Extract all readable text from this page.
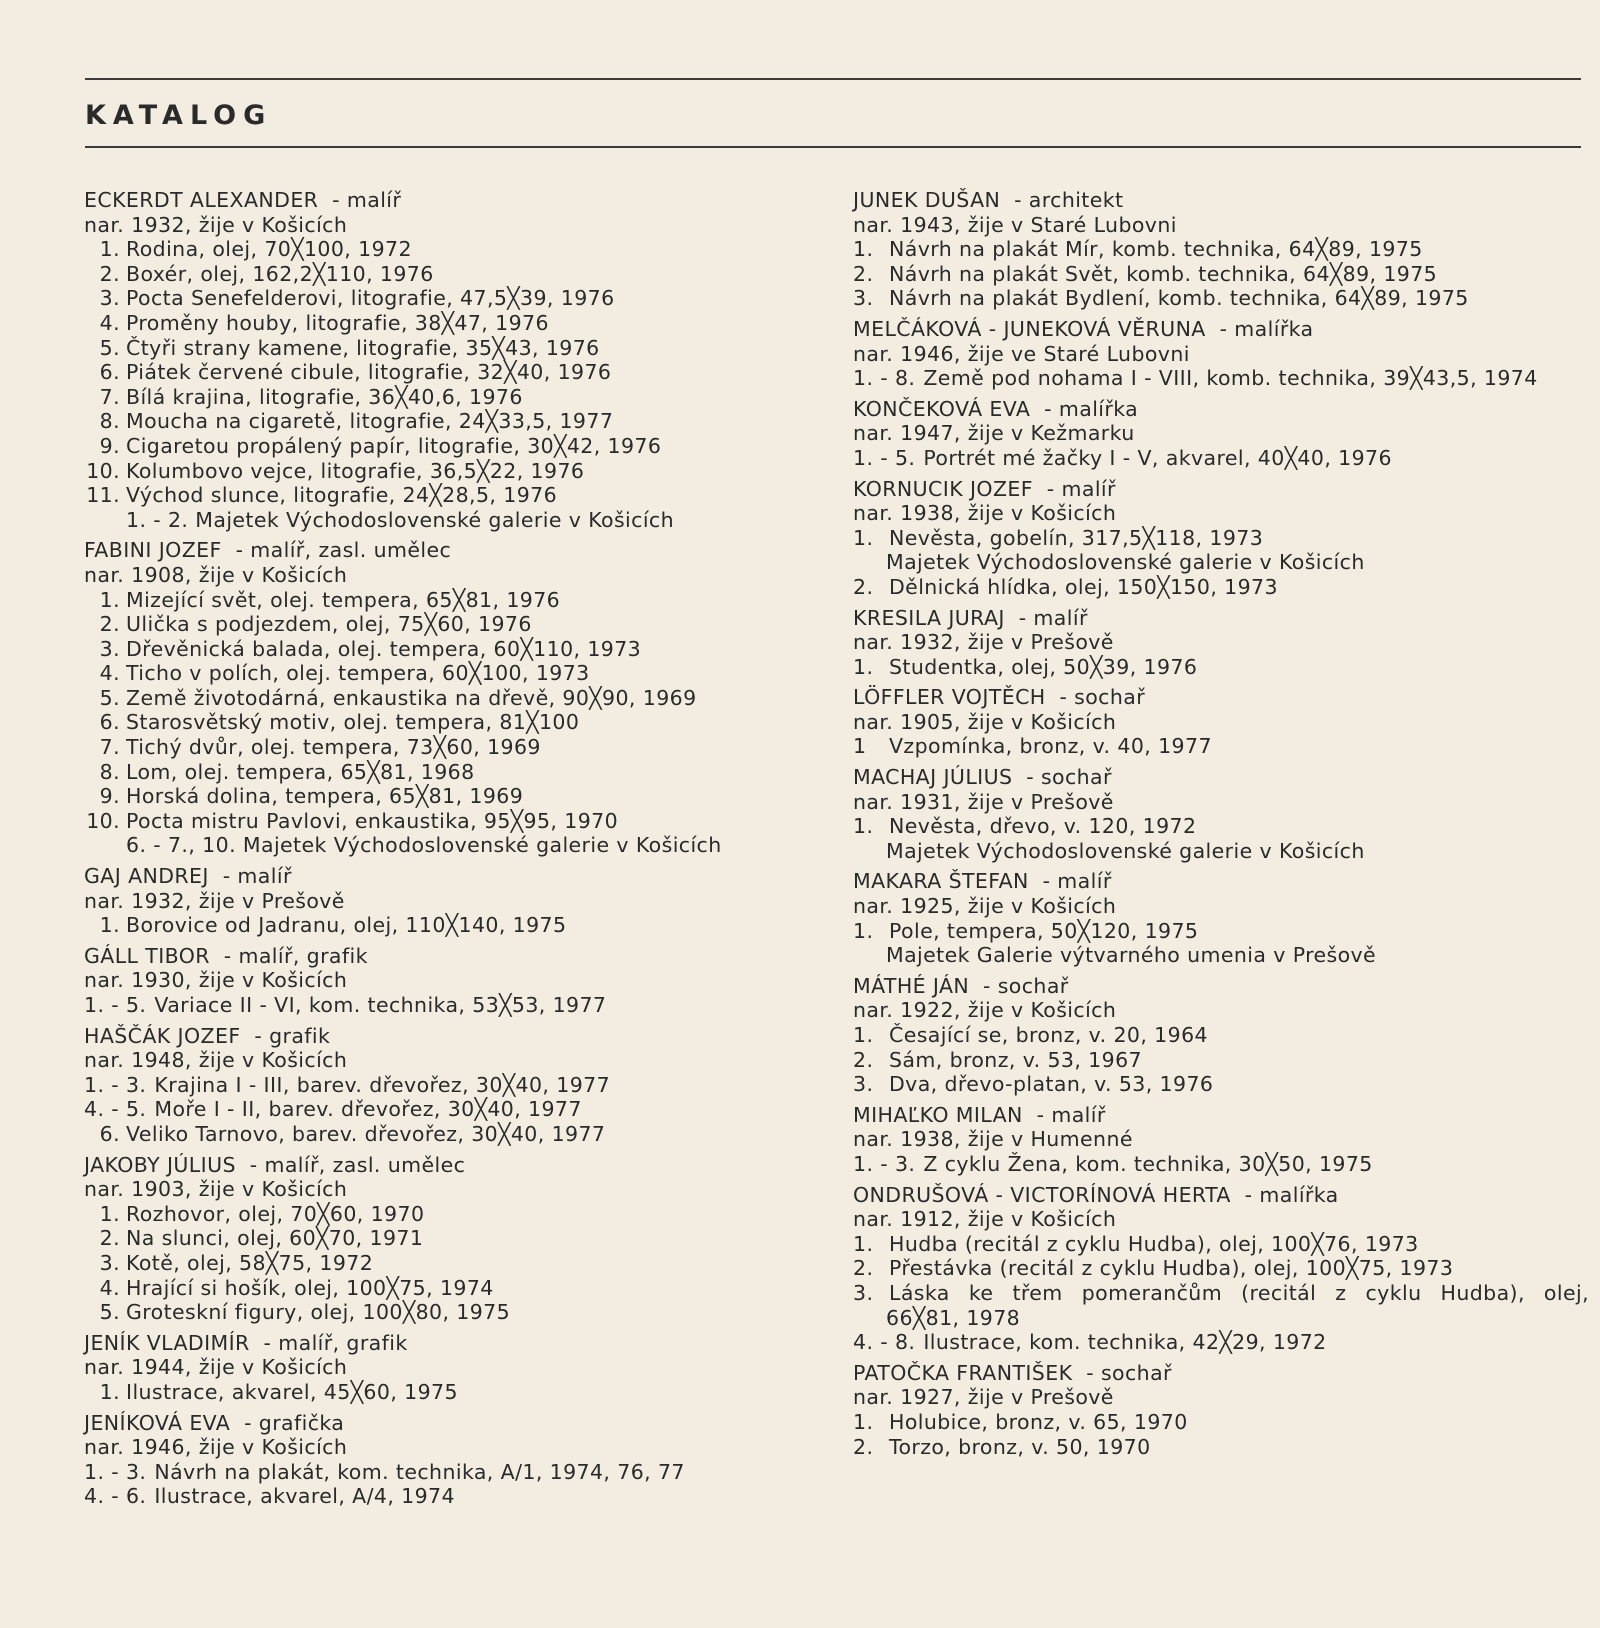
KATALOG
ECKERDT ALEXANDER - malíř
nar. 1932, žije v Košicích
1. Rodina, olej, 70╳100, 1972
2. Boxér, olej, 162,2╳110, 1976
3. Pocta Senefelderovi, litografie, 47,5╳39, 1976
4. Proměny houby, litografie, 38╳47, 1976
5. Čtyři strany kamene, litografie, 35╳43, 1976
6. Piátek červené cibule, litografie, 32╳40, 1976
7. Bílá krajina, litografie, 36╳40,6, 1976
8. Moucha na cigaretě, litografie, 24╳33,5, 1977
9. Cigaretou propálený papír, litografie, 30╳42, 1976
10. Kolumbovo vejce, litografie, 36,5╳22, 1976
11. Východ slunce, litografie, 24╳28,5, 1976
1. - 2. Majetek Východoslovenské galerie v Košicích
FABINI JOZEF - malíř, zasl. umělec
nar. 1908, žije v Košicích
1. Mizející svět, olej. tempera, 65╳81, 1976
2. Ulička s podjezdem, olej, 75╳60, 1976
3. Dřevěnická balada, olej. tempera, 60╳110, 1973
4. Ticho v polích, olej. tempera, 60╳100, 1973
5. Země životodárná, enkaustika na dřevě, 90╳90, 1969
6. Starosvětský motiv, olej. tempera, 81╳100
7. Tichý dvůr, olej. tempera, 73╳60, 1969
8. Lom, olej. tempera, 65╳81, 1968
9. Horská dolina, tempera, 65╳81, 1969
10. Pocta mistru Pavlovi, enkaustika, 95╳95, 1970
6. - 7., 10. Majetek Východoslovenské galerie v Košicích
GAJ ANDREJ - malíř
nar. 1932, žije v Prešově
1. Borovice od Jadranu, olej, 110╳140, 1975
GÁLL TIBOR - malíř, grafik
nar. 1930, žije v Košicích
1. - 5. Variace II - VI, kom. technika, 53╳53, 1977
HAŠČÁK JOZEF - grafik
nar. 1948, žije v Košicích
1. - 3. Krajina I - III, barev. dřevořez, 30╳40, 1977
4. - 5. Moře I - II, barev. dřevořez, 30╳40, 1977
6. Veliko Tarnovo, barev. dřevořez, 30╳40, 1977
JAKOBY JÚLIUS - malíř, zasl. umělec
nar. 1903, žije v Košicích
1. Rozhovor, olej, 70╳60, 1970
2. Na slunci, olej, 60╳70, 1971
3. Kotě, olej, 58╳75, 1972
4. Hrající si hošík, olej, 100╳75, 1974
5. Groteskní figury, olej, 100╳80, 1975
JENÍK VLADIMÍR - malíř, grafik
nar. 1944, žije v Košicích
1. Ilustrace, akvarel, 45╳60, 1975
JENÍKOVÁ EVA - grafička
nar. 1946, žije v Košicích
1. - 3. Návrh na plakát, kom. technika, A/1, 1974, 76, 77
4. - 6. Ilustrace, akvarel, A/4, 1974
JUNEK DUŠAN - architekt
nar. 1943, žije v Staré Lubovni
1. Návrh na plakát Mír, komb. technika, 64╳89, 1975
2. Návrh na plakát Svět, komb. technika, 64╳89, 1975
3. Návrh na plakát Bydlení, komb. technika, 64╳89, 1975
MELČÁKOVÁ - JUNEKOVÁ VĚRUNA - malířka
nar. 1946, žije ve Staré Lubovni
1. - 8. Země pod nohama I - VIII, komb. technika, 39╳43,5, 1974
KONČEKOVÁ EVA - malířka
nar. 1947, žije v Kežmarku
1. - 5. Portrét mé žačky I - V, akvarel, 40╳40, 1976
KORNUCIK JOZEF - malíř
nar. 1938, žije v Košicích
1. Nevěsta, gobelín, 317,5╳118, 1973
Majetek Východoslovenské galerie v Košicích
2. Dělnická hlídka, olej, 150╳150, 1973
KRESILA JURAJ - malíř
nar. 1932, žije v Prešově
1. Studentka, olej, 50╳39, 1976
LÖFFLER VOJTĚCH - sochař
nar. 1905, žije v Košicích
1	Vzpomínka, bronz, v. 40, 1977
MACHAJ JÚLIUS - sochař
nar. 1931, žije v Prešově
1. Nevěsta, dřevo, v. 120, 1972
Majetek Východoslovenské galerie v Košicích
MAKARA ŠTEFAN - malíř
nar. 1925, žije v Košicích
1. Pole, tempera, 50╳120, 1975
Majetek Galerie výtvarného umenia v Prešově
MÁTHÉ JÁN - sochař
nar. 1922, žije v Košicích
1. Česající se, bronz, v. 20, 1964
2. Sám, bronz, v. 53, 1967
3. Dva, dřevo-platan, v. 53, 1976
MIHAĽKO MILAN - malíř
nar. 1938, žije v Humenné
1. - 3. Z cyklu Žena, kom. technika, 30╳50, 1975
ONDRUŠOVÁ - VICTORÍNOVÁ HERTA - malířka
nar. 1912, žije v Košicích
1. Hudba (recitál z cyklu Hudba), olej, 100╳76, 1973
2. Přestávka (recitál z cyklu Hudba), olej, 100╳75, 1973
3. Láska ke třem pomerančům (recitál z cyklu Hudba), olej,
66╳81, 1978
4. - 8. Ilustrace, kom. technika, 42╳29, 1972
PATOČKA FRANTIŠEK - sochař
nar. 1927, žije v Prešově
1. Holubice, bronz, v. 65, 1970
2. Torzo, bronz, v. 50, 1970
